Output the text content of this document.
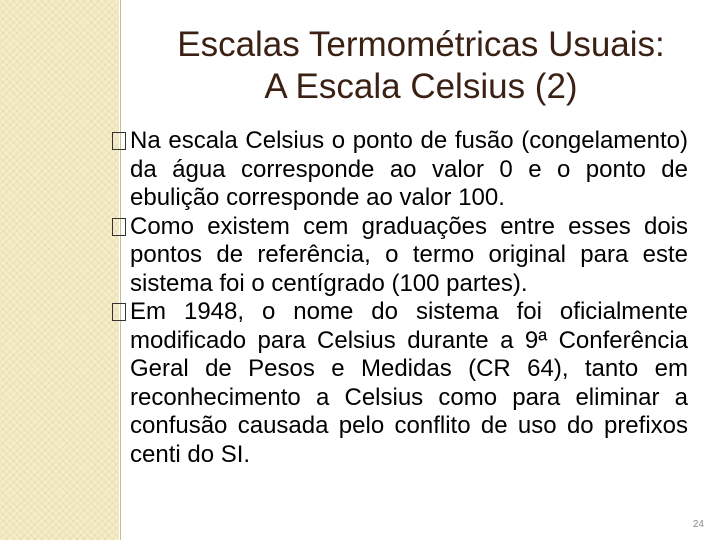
Escalas Termométricas Usuais:
A Escala Celsius (2)
Na escala Celsius o ponto de fusão (congelamento) da água corresponde ao valor 0 e o ponto de ebulição corresponde ao valor 100.
Como existem cem graduações entre esses dois pontos de referência, o termo original para este sistema foi o centígrado (100 partes).
Em 1948, o nome do sistema foi oficialmente modificado para Celsius durante a 9ª Conferência Geral de Pesos e Medidas (CR 64), tanto em reconhecimento a Celsius como para eliminar a confusão causada pelo conflito de uso do prefixos centi do SI.
24
